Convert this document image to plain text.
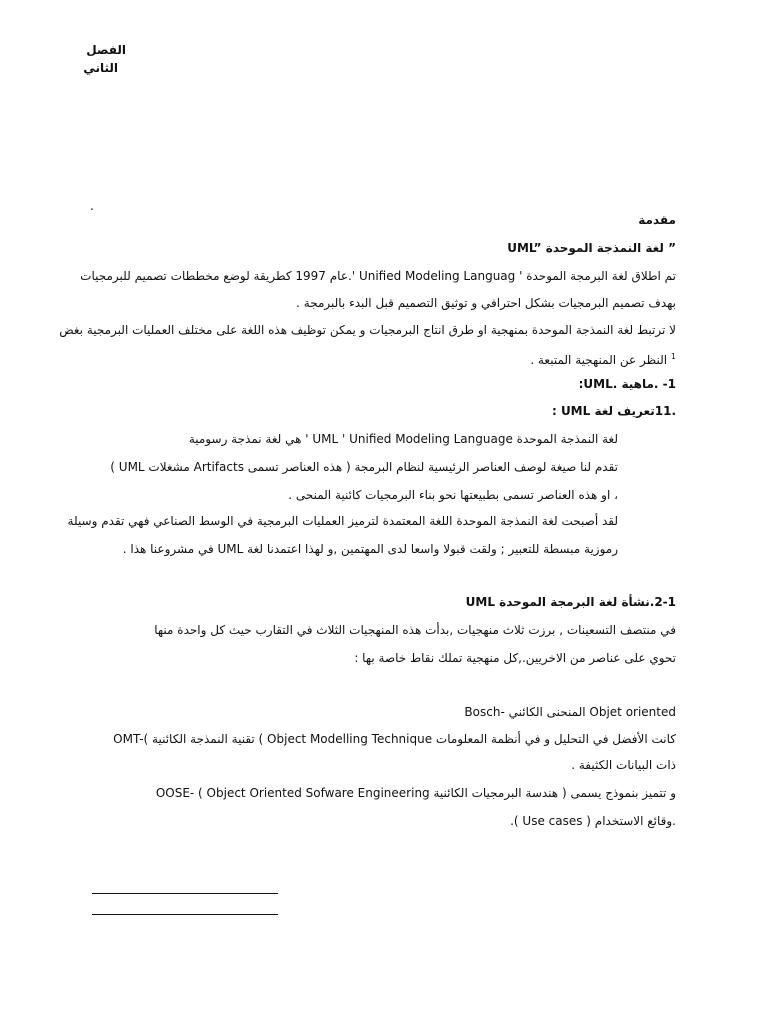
الفصل
الثاني
.
مقدمة
UML” لغة النمذجة الموحدة ”
تم اطلاق لغة البرمجة الموحدة ' Unified Modeling Languag '.عام 1997 كطريقة لوضع مخططات تصميم للبرمجيات
بهدف تصميم البرمجيات بشكل احترافي و توثيق التصميم قبل البدء بالبرمجة .
لا ترتبط لغة النمذجة الموحدة بمنهجية او طرق انتاج البرمجيات و يمكن توظيف هذه اللغة على مختلف العمليات البرمجية بغض
$^1$ النظر عن المنهجية المتبعة .
1- .ماهية .UML:
.11تعريف لغة UML :
لغة النمذجة الموحدة UML ' Unified Modeling Language ' هي لغة نمذجة رسومية
تقدم لنا صيغة لوصف العناصر الرئيسية لنظام البرمجة ( هذه العناصر تسمى Artifacts مشغلات UML )
، او هذه العناصر تسمى بطبيعتها نحو بناء البرمجيات كائنية المنحى .
لقد أصبحت لغة النمذجة الموحدة اللغة المعتمدة لترميز العمليات البرمجية في الوسط الصناعي فهي تقدم وسيلة
رموزية مبسطة للتعبير ; ولقت قبولا واسعا لدى المهتمين ,و لهذا اعتمدنا لغة UML في مشروعنا هذا .
2-1.نشأة لغة البرمجة الموحدة UML
في منتصف التسعينات , برزت ثلاث منهجيات ,بدأت هذه المنهجيات الثلاث في التقارب حيث كل واحدة منها
تحوي على عناصر من الاخريين.,كل منهجية تملك نقاط خاصة بها :
Bosch- المنحنى الكائني Objet oriented
OMT-( تقنية النمذجة الكائنية ( Object Modelling Technique كانت الأفضل في التحليل و في أنظمة المعلومات
ذات البيانات الكثيفة .
OOSE- ( Object Oriented Sofware Engineering هندسة البرمجيات الكائنية ) و تتميز بنموذج يسمى
.وقائع الاستخدام ( Use cases ).
